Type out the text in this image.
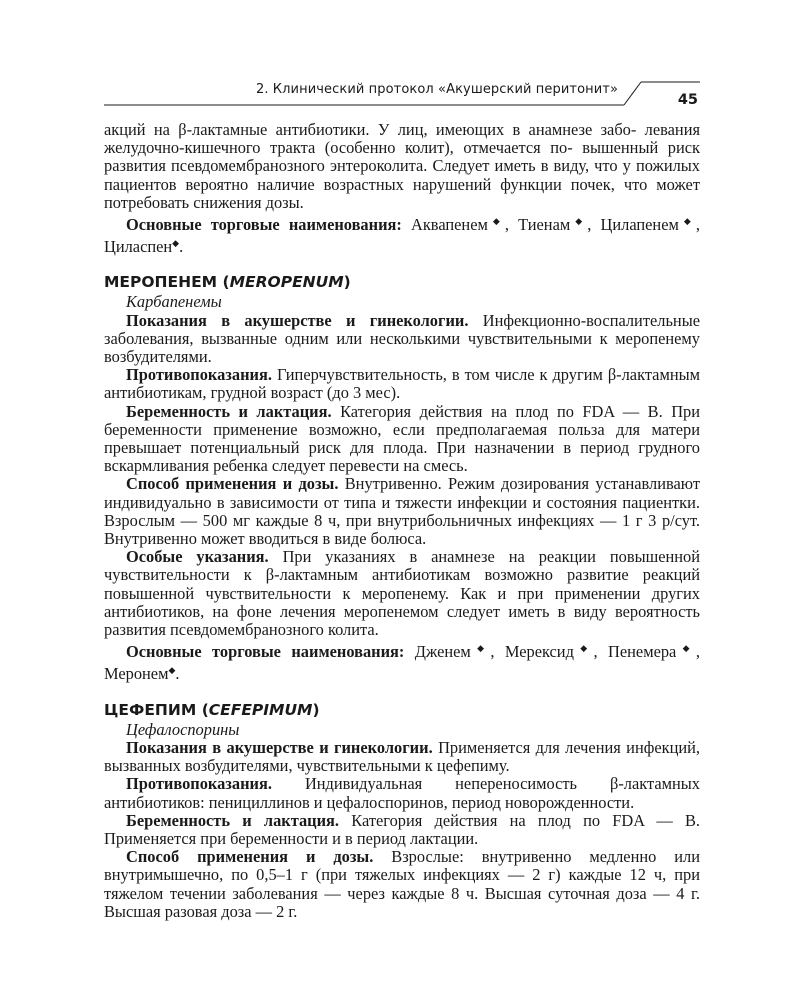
2. Клинический протокол «Акушерский перитонит»
45

акций на β-лактамные антибиотики. У лиц, имеющих в анамнезе забо- левания желудочно-кишечного тракта (особенно колит), отмечается по- вышенный риск развития псевдомембранозного энтероколита. Следует иметь в виду, что у пожилых пациентов вероятно наличие возрастных нарушений функции почек, что может потребовать снижения дозы.

Основные торговые наименования: Аквапенем◆, Тиенам◆, Цилапенем◆, Циласпен◆.

МЕРОПЕНЕМ (MEROPENUM)

Карбапенемы

Показания в акушерстве и гинекологии. Инфекционно-воспалительные заболевания, вызванные одним или несколькими чувствительными к меропенему возбудителями.

Противопоказания. Гиперчувствительность, в том числе к другим β-лактамным антибиотикам, грудной возраст (до 3 мес).

Беременность и лактация. Категория действия на плод по FDA — B. При беременности применение возможно, если предполагаемая польза для матери превышает потенциальный риск для плода. При назначении в период грудного вскармливания ребенка следует перевести на смесь.

Способ применения и дозы. Внутривенно. Режим дозирования устанавливают индивидуально в зависимости от типа и тяжести инфекции и состояния пациентки. Взрослым — 500 мг каждые 8 ч, при внутрибольничных инфекциях — 1 г 3 р/сут. Внутривенно может вводиться в виде болюса.

Особые указания. При указаниях в анамнезе на реакции повышенной чувствительности к β-лактамным антибиотикам возможно развитие реакций повышенной чувствительности к меропенему. Как и при применении других антибиотиков, на фоне лечения меропенемом следует иметь в виду вероятность развития псевдомембранозного колита.

Основные торговые наименования: Дженем◆, Мерексид◆, Пенемера◆, Меронем◆.

ЦЕФЕПИМ (CEFEPIMUM)

Цефалоспорины

Показания в акушерстве и гинекологии. Применяется для лечения инфекций, вызванных возбудителями, чувствительными к цефепиму.

Противопоказания. Индивидуальная непереносимость β-лактамных антибиотиков: пенициллинов и цефалоспоринов, период новорожденности.

Беременность и лактация. Категория действия на плод по FDA — B. Применяется при беременности и в период лактации.

Способ применения и дозы. Взрослые: внутривенно медленно или внутримышечно, по 0,5–1 г (при тяжелых инфекциях — 2 г) каждые 12 ч, при тяжелом течении заболевания — через каждые 8 ч. Высшая суточная доза — 4 г. Высшая разовая доза — 2 г.
